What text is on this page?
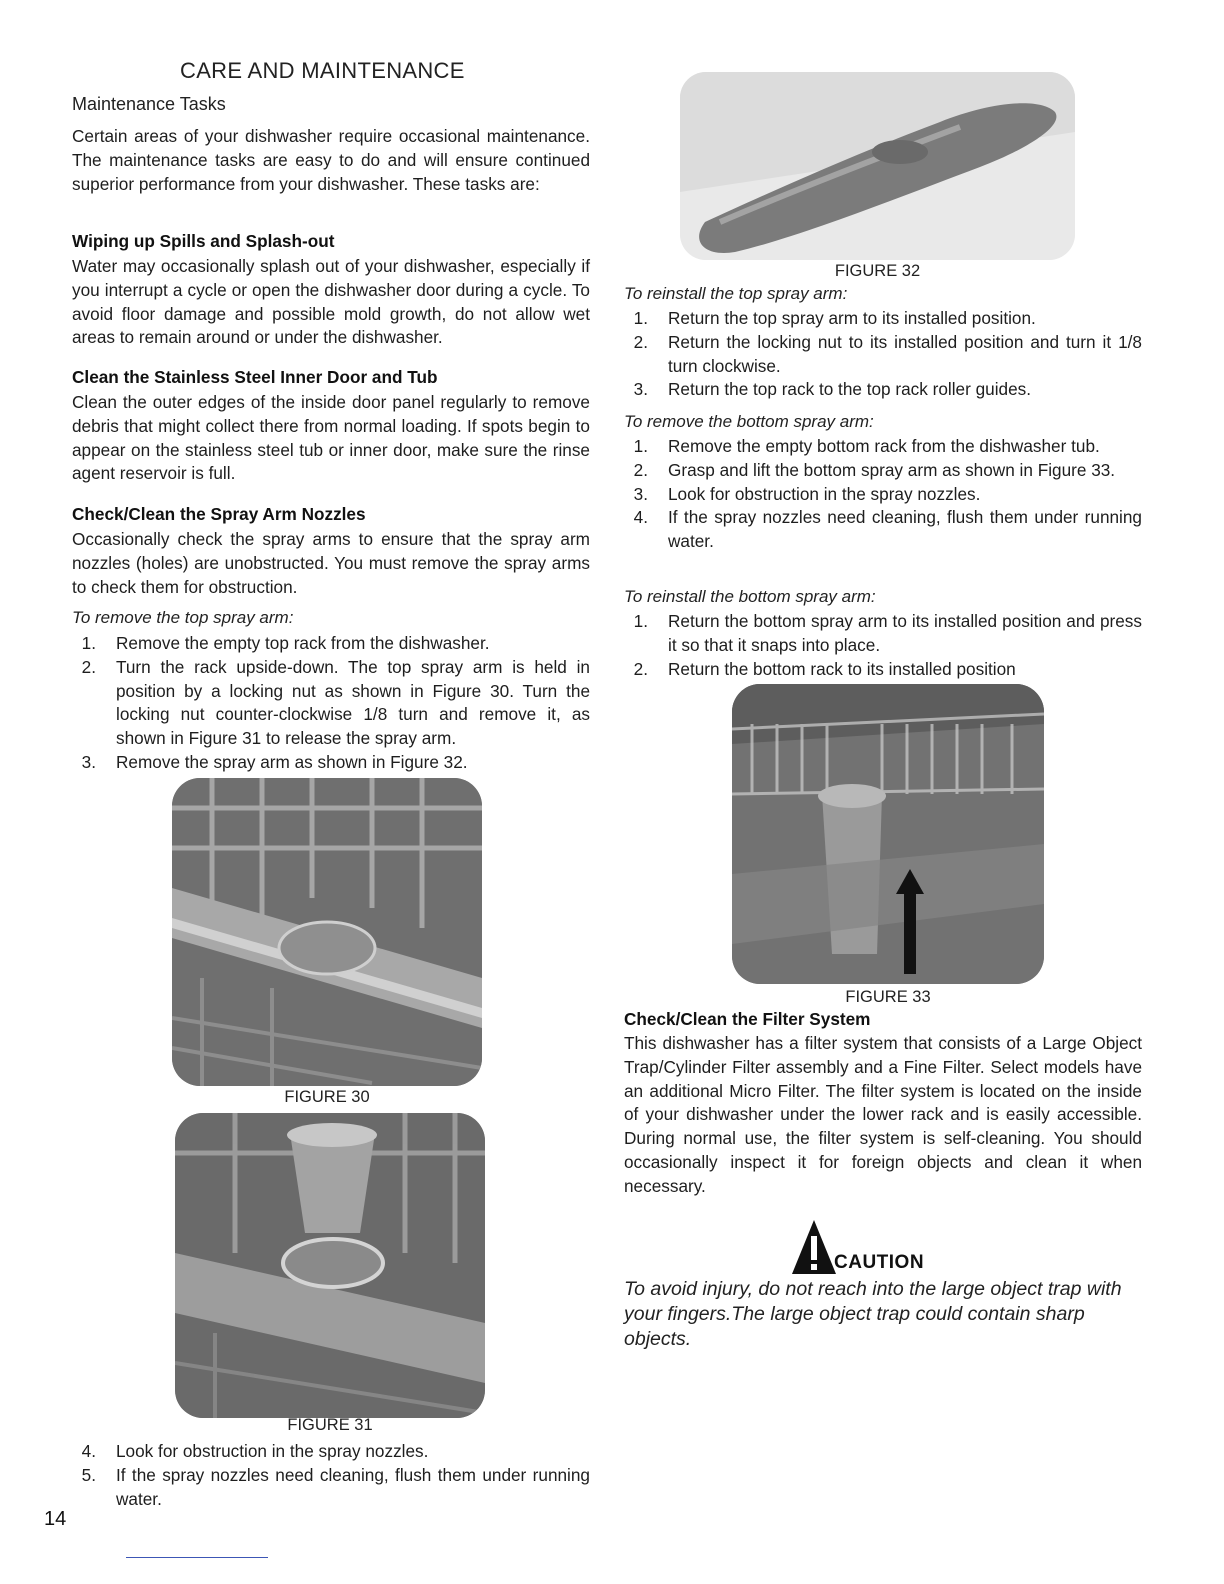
CARE AND MAINTENANCE
Maintenance Tasks
Certain areas of your dishwasher require occasional maintenance. The maintenance tasks are easy to do and will ensure continued superior performance from your dishwasher. These tasks are:
Wiping up Spills and Splash-out
Water may occasionally splash out of your dishwasher, especially if you interrupt a cycle or open the dishwasher door during a cycle. To avoid floor damage and possible mold growth, do not allow wet areas to remain around or under the dishwasher.
Clean the Stainless Steel Inner Door and Tub
Clean the outer edges of the inside door panel regularly to remove debris that might collect there from normal loading. If spots begin to appear on the stainless steel tub or inner door, make sure the rinse agent reservoir is full.
Check/Clean the Spray Arm Nozzles
Occasionally check the spray arms to ensure that the spray arm nozzles (holes) are unobstructed. You must remove the spray arms to check them for obstruction.
To remove the top spray arm:
1. Remove the empty top rack from the dishwasher.
2. Turn the rack upside-down. The top spray arm is held in position by a locking nut as shown in Figure 30. Turn the locking nut counter-clockwise 1/8 turn and remove it, as shown in Figure 31 to release the spray arm.
3. Remove the spray arm as shown in Figure 32.
FIGURE 30
FIGURE 31
4. Look for obstruction in the spray nozzles.
5. If the spray nozzles need cleaning, flush them under running water.
14
FIGURE 32
To reinstall the top spray arm:
1. Return the top spray arm to its installed position.
2. Return the locking nut to its installed position and turn it 1/8 turn clockwise.
3. Return the top rack to the top rack roller guides.
To remove the bottom spray arm:
1. Remove the empty bottom rack from the dishwasher tub.
2. Grasp and lift the bottom spray arm as shown in Figure 33.
3. Look for obstruction in the spray nozzles.
4. If the spray nozzles need cleaning, flush them under running water.
To reinstall the bottom spray arm:
1. Return the bottom spray arm to its installed position and press it so that it snaps into place.
2. Return the bottom rack to its installed position
FIGURE 33
Check/Clean the Filter System
This dishwasher has a filter system that consists of a Large Object Trap/Cylinder Filter assembly and a Fine Filter. Select models have an additional Micro Filter. The filter system is located on the inside of your dishwasher under the lower rack and is easily accessible. During normal use, the filter system is self-cleaning. You should occasionally inspect it for foreign objects and clean it when necessary.
CAUTION
To avoid injury, do not reach into the large object trap with your fingers.The large object trap could contain sharp objects.
